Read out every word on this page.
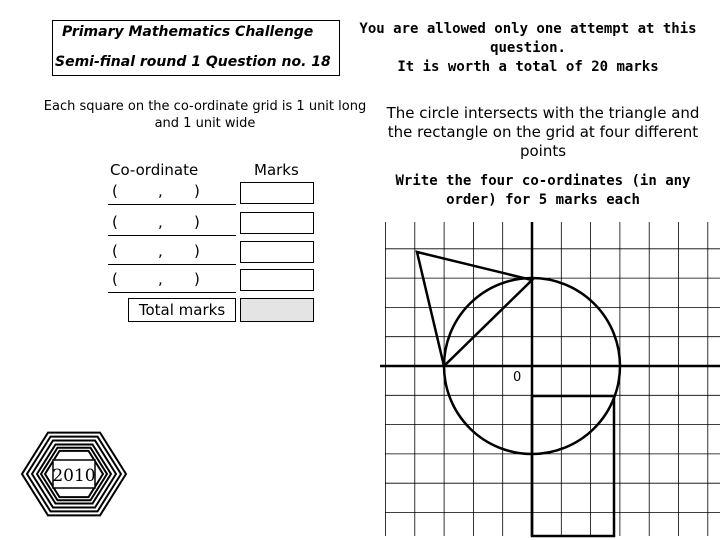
Primary Mathematics Challenge
Semi-final round 1 Question no. 18
You are allowed only one attempt at this
question.
It is worth a total of 20 marks
Each square on the co-ordinate grid is 1 unit long and 1 unit wide
The circle intersects with the triangle and the rectangle on the grid at four different points
Write the four co-ordinates (in any order) for 5 marks each
Co-ordinate	Marks
(	, )
(	, )
(	, )
(	, )
Total marks
0
2010
